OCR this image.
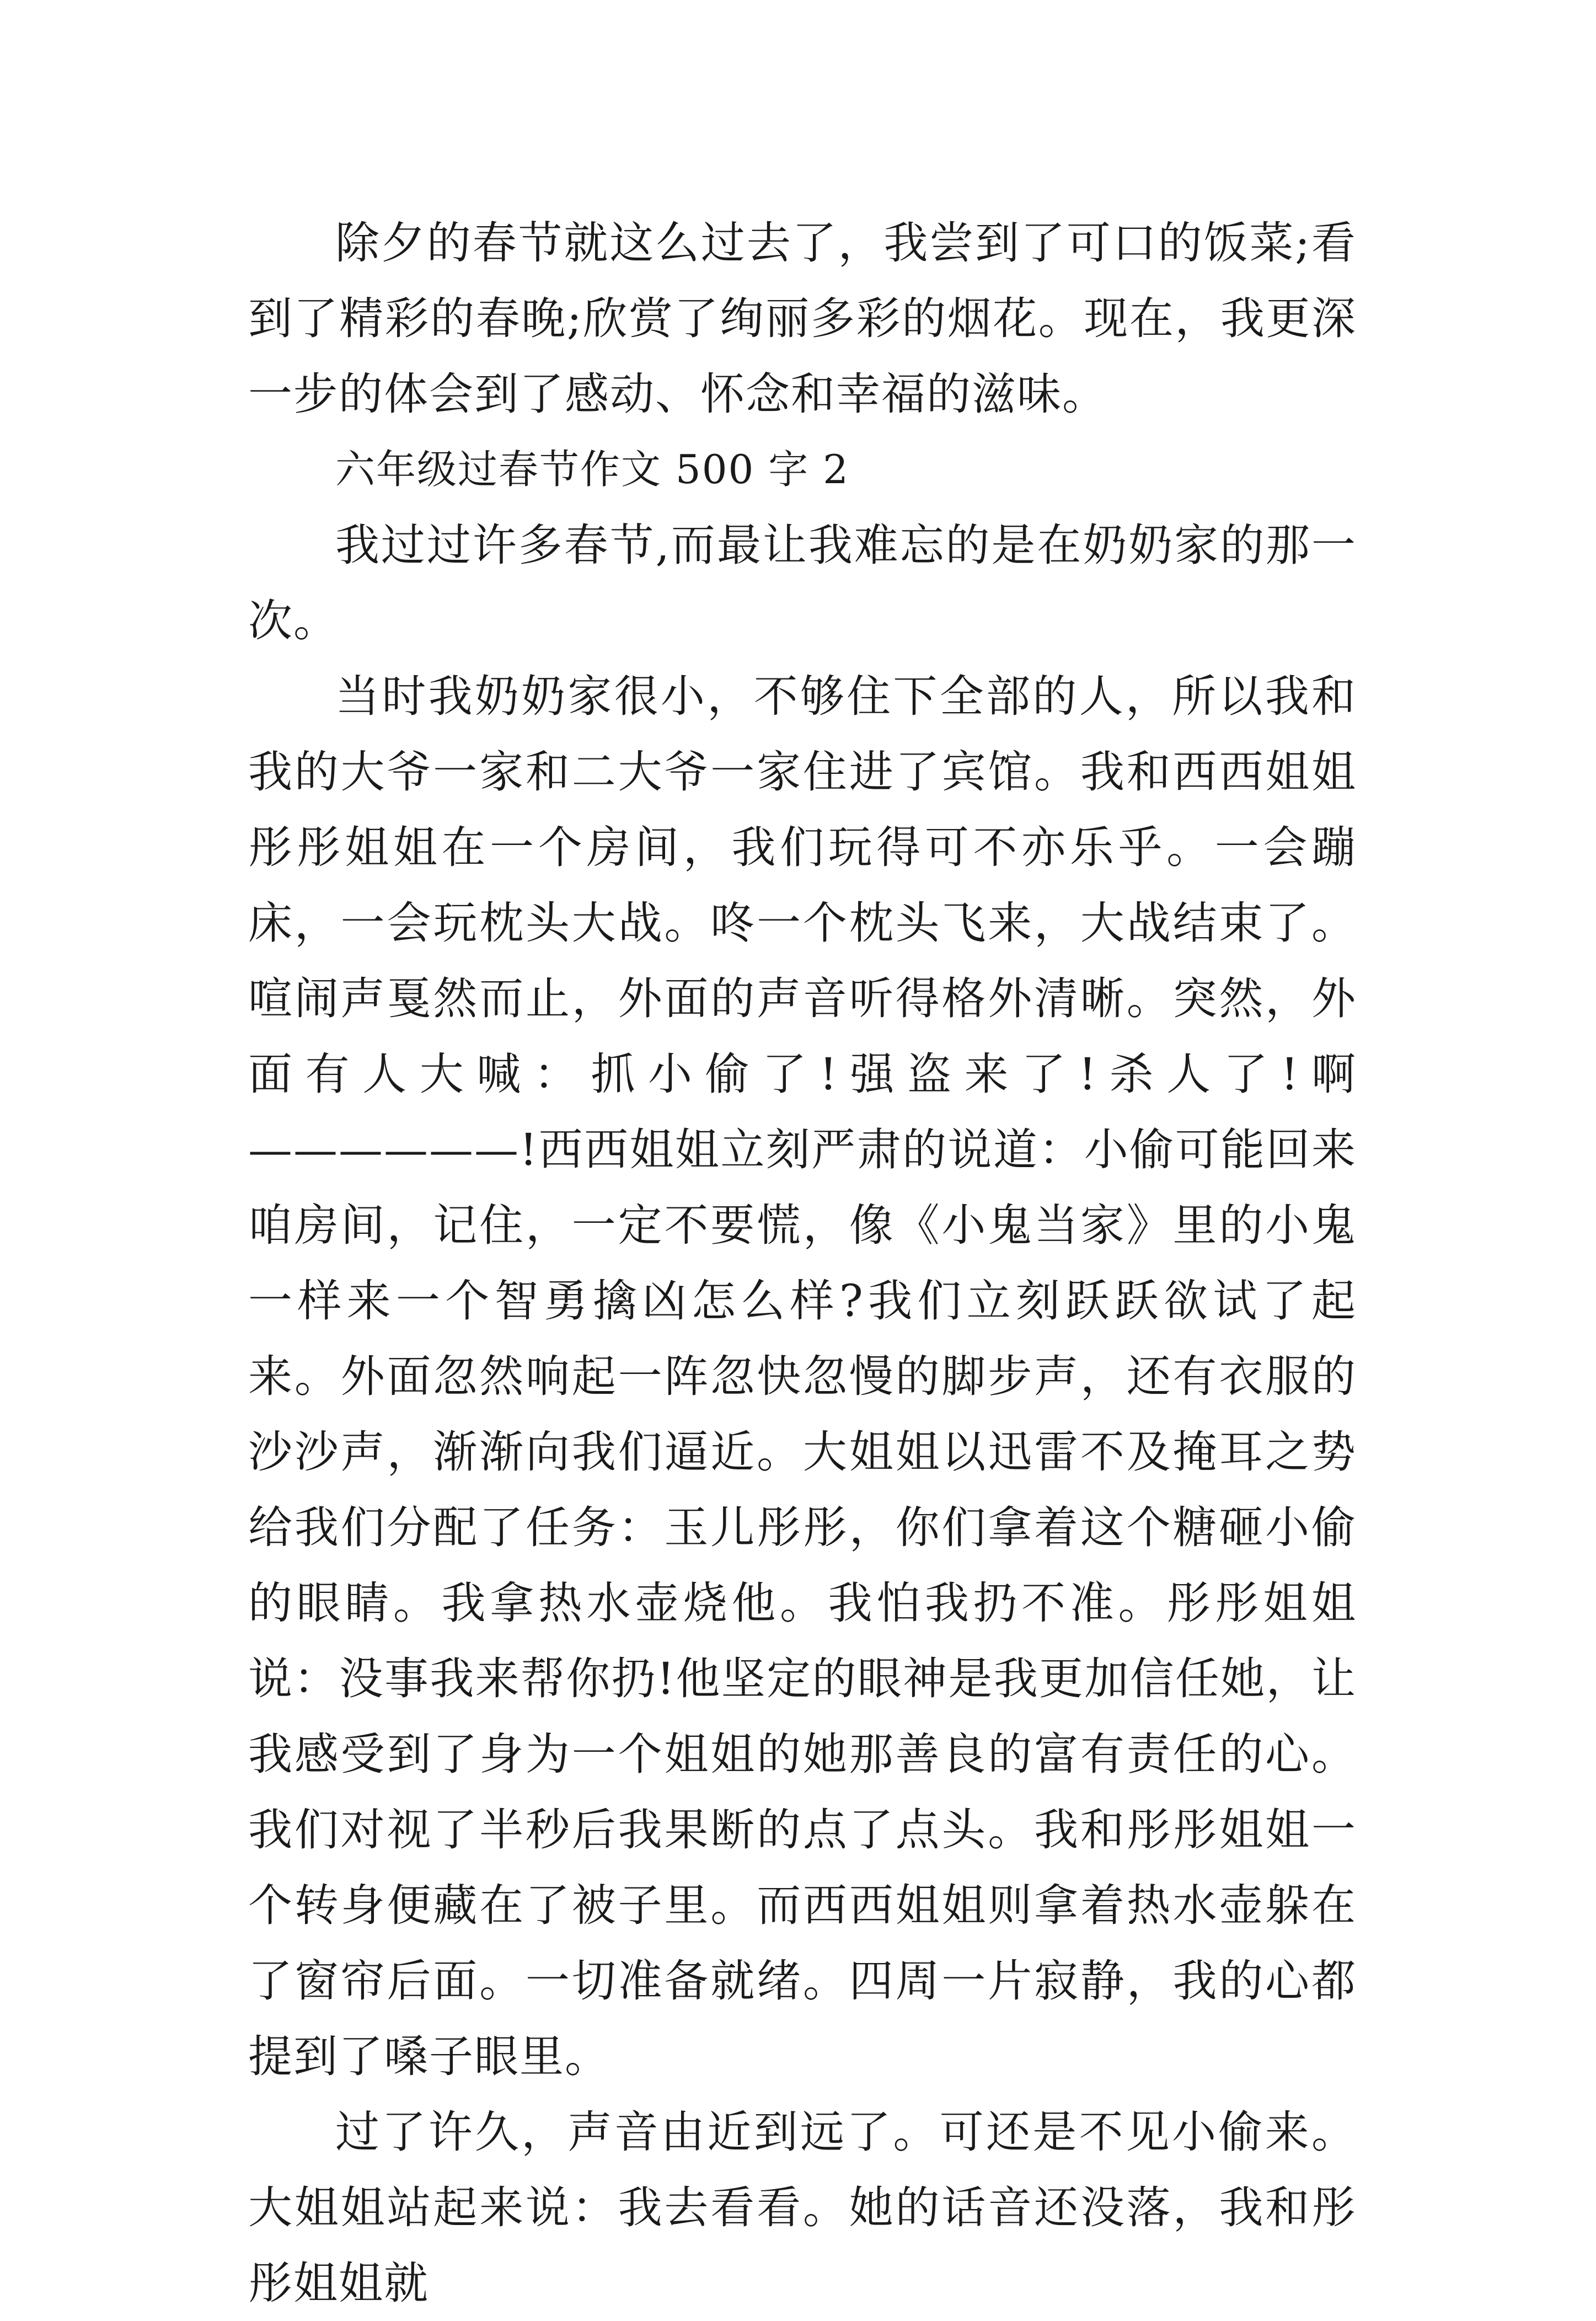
除夕的春节就这么过去了，我尝到了可口的饭菜;看到了精彩的春晚;欣赏了绚丽多彩的烟花。现在，我更深一步的体会到了感动、怀念和幸福的滋味。

六年级过春节作文 500 字 2

我过过许多春节,而最让我难忘的是在奶奶家的那一次。

当时我奶奶家很小，不够住下全部的人，所以我和我的大爷一家和二大爷一家住进了宾馆。我和西西姐姐彤彤姐姐在一个房间，我们玩得可不亦乐乎。一会蹦床，一会玩枕头大战。咚一个枕头飞来，大战结束了。喧闹声戛然而止，外面的声音听得格外清晰。突然，外面有人大喊：抓小偷了!强盗来了!杀人了!啊 ——————!西西姐姐立刻严肃的说道：小偷可能回来咱房间，记住，一定不要慌，像《小鬼当家》里的小鬼一样来一个智勇擒凶怎么样?我们立刻跃跃欲试了起来。外面忽然响起一阵忽快忽慢的脚步声，还有衣服的沙沙声，渐渐向我们逼近。大姐姐以迅雷不及掩耳之势给我们分配了任务：玉儿彤彤，你们拿着这个糖砸小偷的眼睛。我拿热水壶烧他。我怕我扔不准。彤彤姐姐说：没事我来帮你扔!他坚定的眼神是我更加信任她，让我感受到了身为一个姐姐的她那善良的富有责任的心。我们对视了半秒后我果断的点了点头。我和彤彤姐姐一个转身便藏在了被子里。而西西姐姐则拿着热水壶躲在了窗帘后面。一切准备就绪。四周一片寂静，我的心都提到了嗓子眼里。

过了许久，声音由近到远了。可还是不见小偷来。大姐姐站起来说：我去看看。她的话音还没落，我和彤彤姐姐就
